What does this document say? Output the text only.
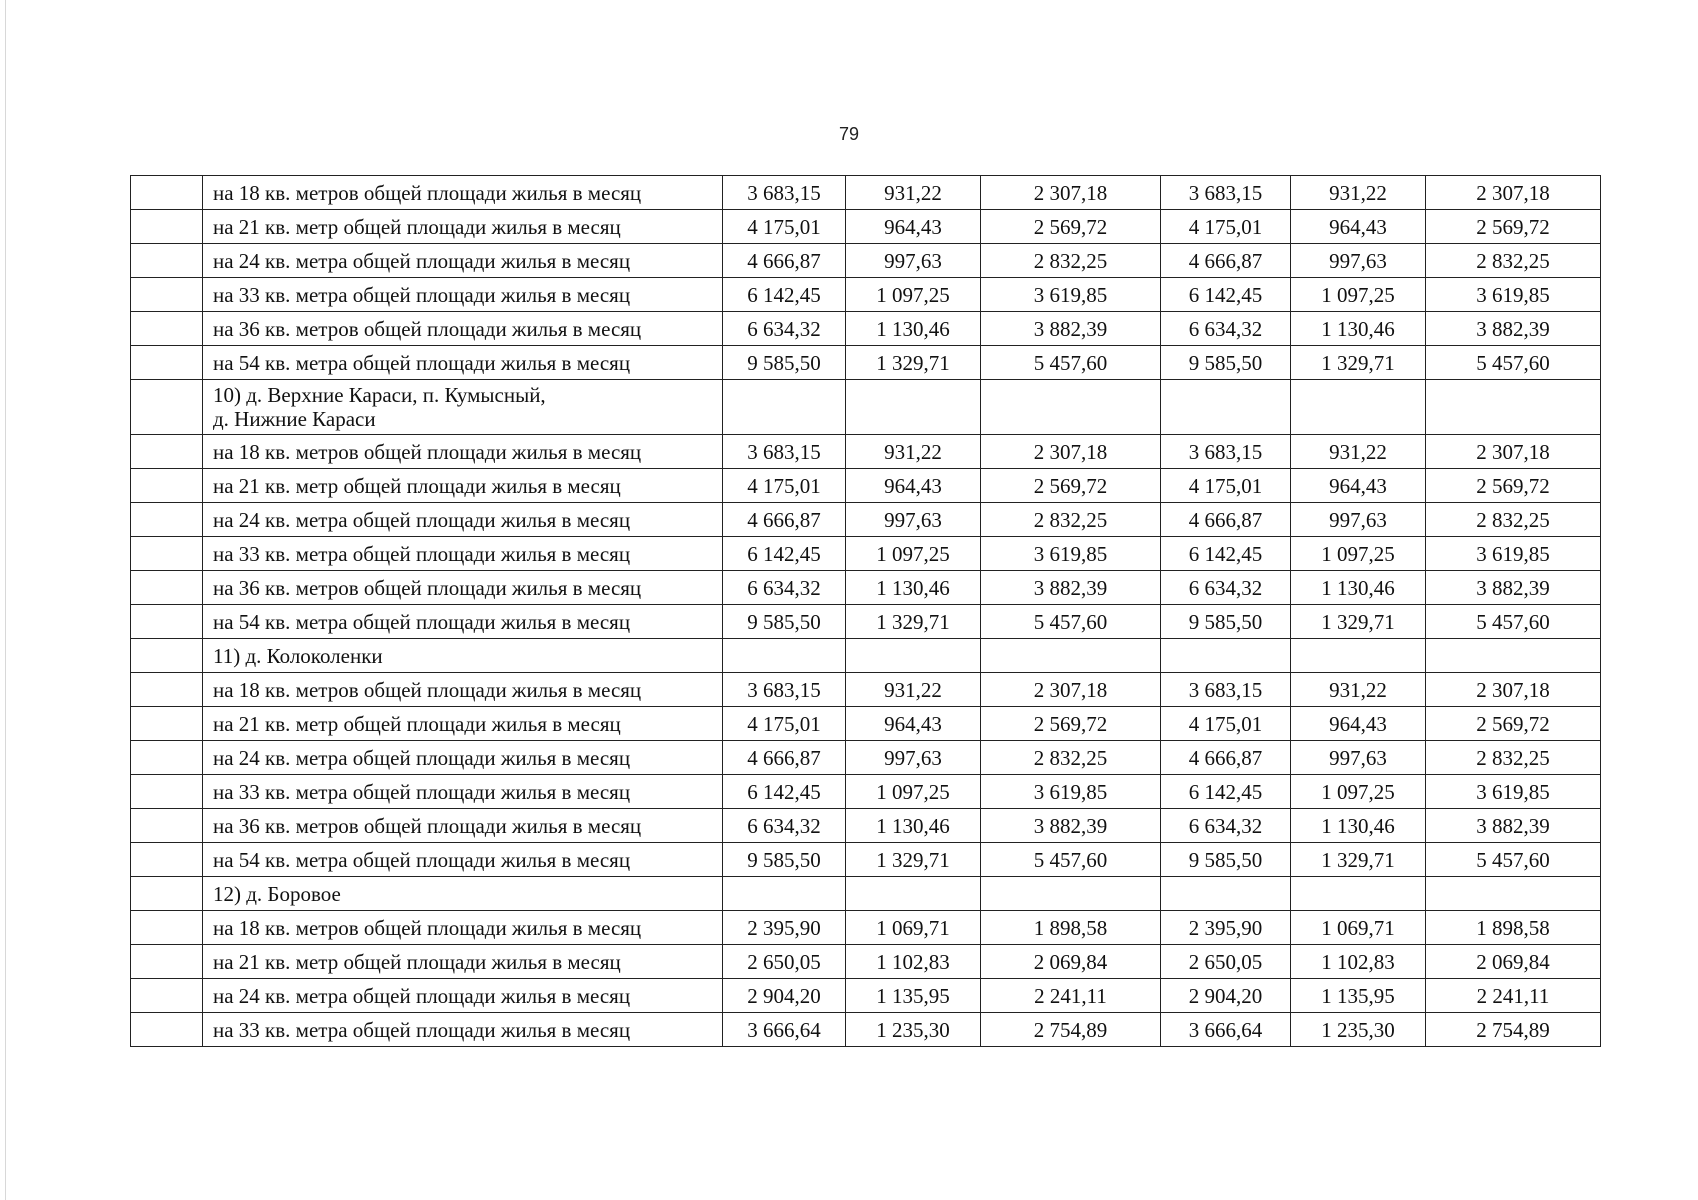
79
	на 18 кв. метров общей площади жилья в месяц	3 683,15	931,22	2 307,18	3 683,15	931,22	2 307,18
	на 21 кв. метр общей площади жилья в месяц	4 175,01	964,43	2 569,72	4 175,01	964,43	2 569,72
	на 24 кв. метра общей площади жилья в месяц	4 666,87	997,63	2 832,25	4 666,87	997,63	2 832,25
	на 33 кв. метра общей площади жилья в месяц	6 142,45	1 097,25	3 619,85	6 142,45	1 097,25	3 619,85
	на 36 кв. метров общей площади жилья в месяц	6 634,32	1 130,46	3 882,39	6 634,32	1 130,46	3 882,39
	на 54 кв. метра общей площади жилья в месяц	9 585,50	1 329,71	5 457,60	9 585,50	1 329,71	5 457,60

	10) д. Верхние Караси, п. Кумысный,
д. Нижние Караси						

	на 18 кв. метров общей площади жилья в месяц	3 683,15	931,22	2 307,18	3 683,15	931,22	2 307,18
	на 21 кв. метр общей площади жилья в месяц	4 175,01	964,43	2 569,72	4 175,01	964,43	2 569,72
	на 24 кв. метра общей площади жилья в месяц	4 666,87	997,63	2 832,25	4 666,87	997,63	2 832,25
	на 33 кв. метра общей площади жилья в месяц	6 142,45	1 097,25	3 619,85	6 142,45	1 097,25	3 619,85
	на 36 кв. метров общей площади жилья в месяц	6 634,32	1 130,46	3 882,39	6 634,32	1 130,46	3 882,39
	на 54 кв. метра общей площади жилья в месяц	9 585,50	1 329,71	5 457,60	9 585,50	1 329,71	5 457,60

	11) д. Колоколенки						

	на 18 кв. метров общей площади жилья в месяц	3 683,15	931,22	2 307,18	3 683,15	931,22	2 307,18
	на 21 кв. метр общей площади жилья в месяц	4 175,01	964,43	2 569,72	4 175,01	964,43	2 569,72
	на 24 кв. метра общей площади жилья в месяц	4 666,87	997,63	2 832,25	4 666,87	997,63	2 832,25
	на 33 кв. метра общей площади жилья в месяц	6 142,45	1 097,25	3 619,85	6 142,45	1 097,25	3 619,85
	на 36 кв. метров общей площади жилья в месяц	6 634,32	1 130,46	3 882,39	6 634,32	1 130,46	3 882,39
	на 54 кв. метра общей площади жилья в месяц	9 585,50	1 329,71	5 457,60	9 585,50	1 329,71	5 457,60

	12) д. Боровое						

	на 18 кв. метров общей площади жилья в месяц	2 395,90	1 069,71	1 898,58	2 395,90	1 069,71	1 898,58
	на 21 кв. метр общей площади жилья в месяц	2 650,05	1 102,83	2 069,84	2 650,05	1 102,83	2 069,84
	на 24 кв. метра общей площади жилья в месяц	2 904,20	1 135,95	2 241,11	2 904,20	1 135,95	2 241,11
	на 33 кв. метра общей площади жилья в месяц	3 666,64	1 235,30	2 754,89	3 666,64	1 235,30	2 754,89
